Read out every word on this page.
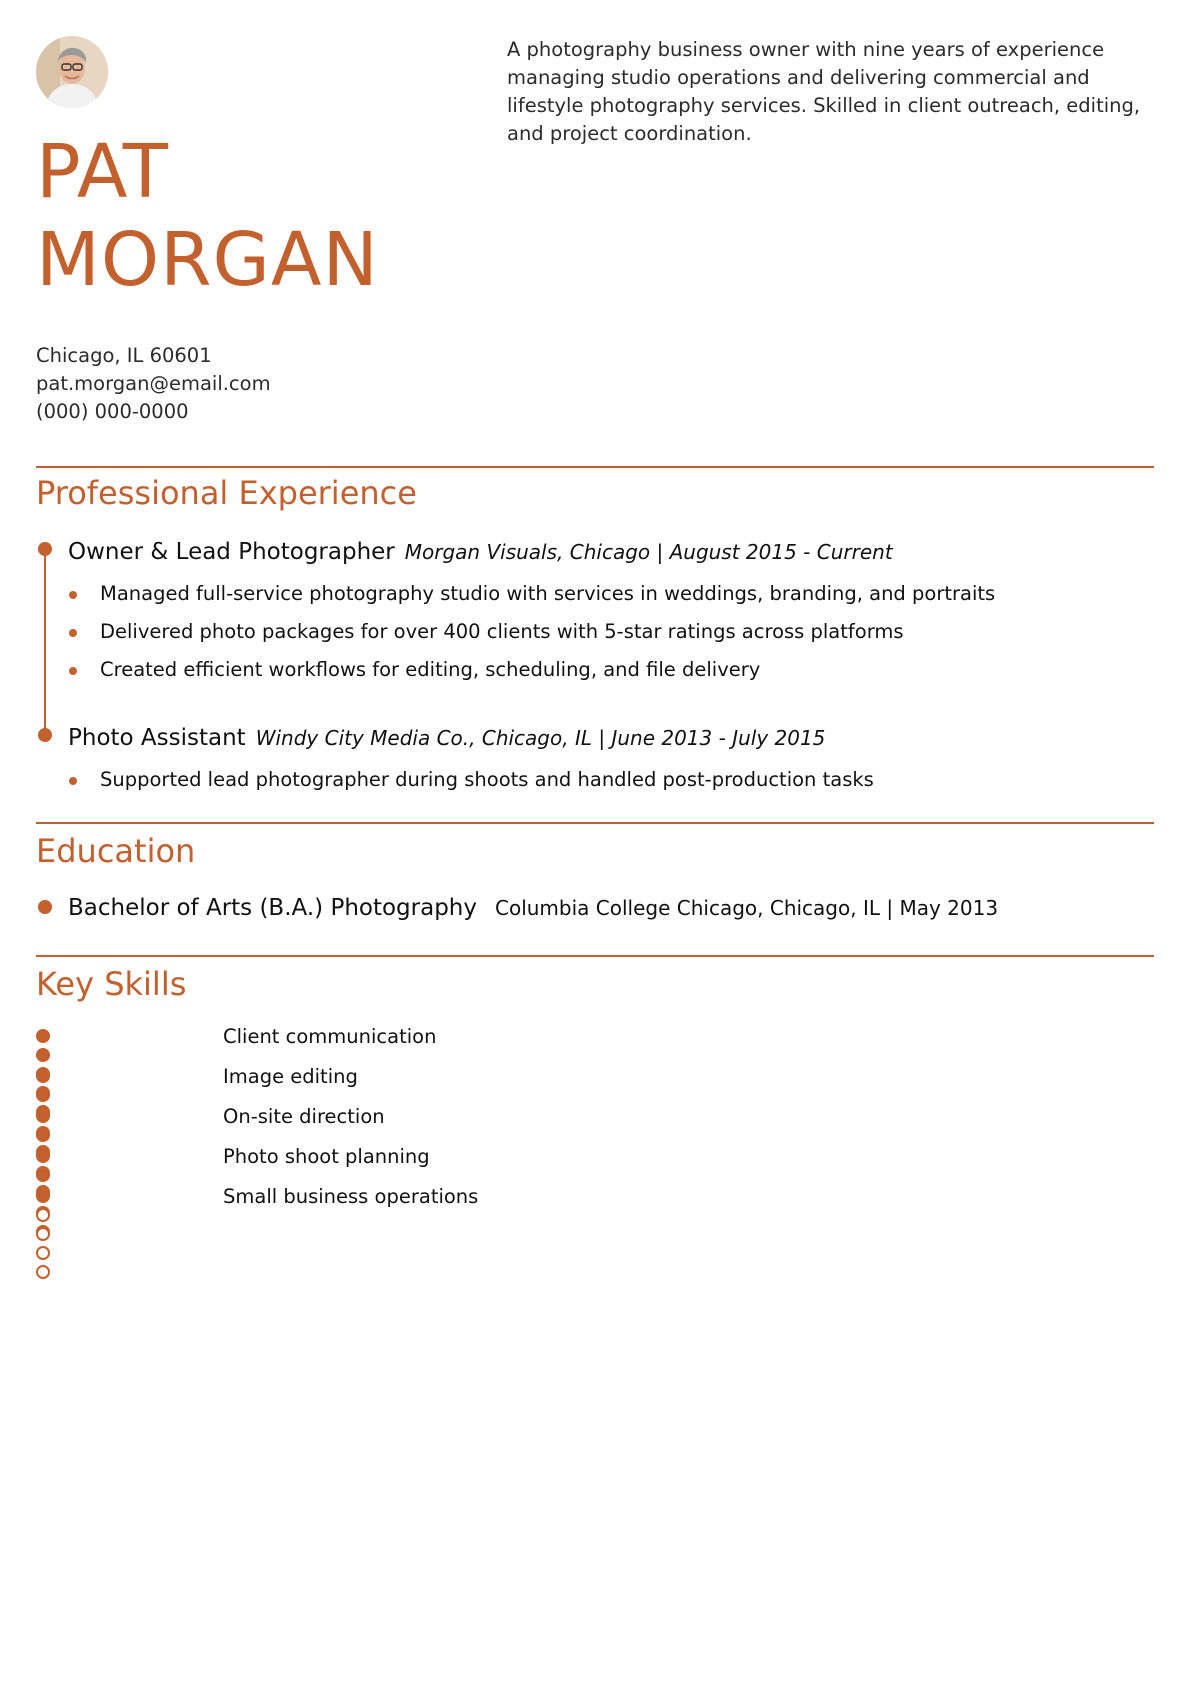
PAT
MORGAN
A photography business owner with nine years of experience managing studio operations and delivering commercial and lifestyle photography services. Skilled in client outreach, editing, and project coordination.
Chicago, IL 60601
pat.morgan@email.com
(000) 000-0000
Professional Experience
Owner & Lead Photographer Morgan Visuals, Chicago | August 2015 - Current
Managed full-service photography studio with services in weddings, branding, and portraits
Delivered photo packages for over 400 clients with 5-star ratings across platforms
Created efficient workflows for editing, scheduling, and file delivery
Photo Assistant Windy City Media Co., Chicago, IL | June 2013 - July 2015
Supported lead photographer during shoots and handled post-production tasks
Education
Bachelor of Arts (B.A.) Photography Columbia College Chicago, Chicago, IL | May 2013
Key Skills
Client communication
Image editing
On-site direction
Photo shoot planning
Small business operations
